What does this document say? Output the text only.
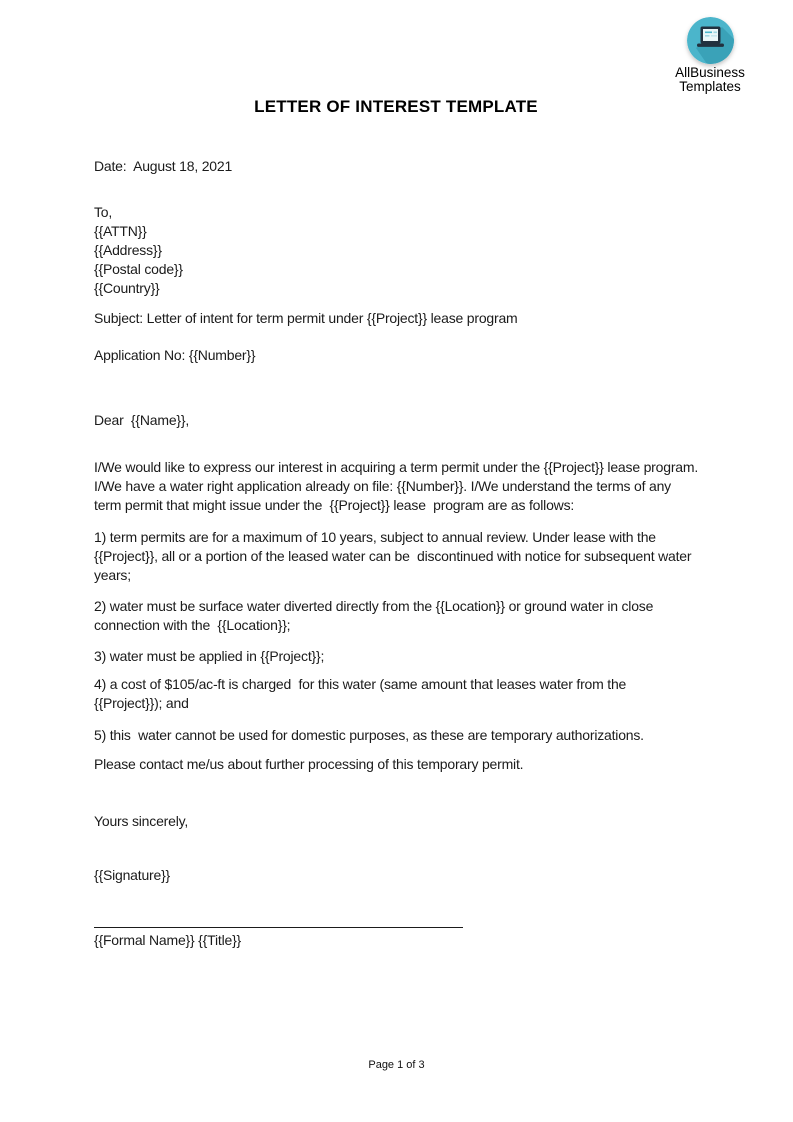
AllBusiness
Templates
LETTER OF INTEREST TEMPLATE

Date:  August 18, 2021

To,

{{ATTN}}

{{Address}}

{{Postal code}}

{{Country}}

Subject: Letter of intent for term permit under {{Project}} lease program

Application No: {{Number}}

Dear  {{Name}},

I/We would like to express our interest in acquiring a term permit under the {{Project}} lease program. I/We have a water right application already on file: {{Number}}. I/We understand the terms of any term permit that might issue under the  {{Project}} lease  program are as follows:

1) term permits are for a maximum of 10 years, subject to annual review. Under lease with the {{Project}}, all or a portion of the leased water can be  discontinued with notice for subsequent water years;

2) water must be surface water diverted directly from the {{Location}} or ground water in close connection with the  {{Location}};

3) water must be applied in {{Project}};

4) a cost of $105/ac-ft is charged  for this water (same amount that leases water from the {{Project}}); and

5) this  water cannot be used for domestic purposes, as these are temporary authorizations.

Please contact me/us about further processing of this temporary permit.

Yours sincerely,

{{Signature}}

{{Formal Name}} {{Title}}

Page 1 of 3
